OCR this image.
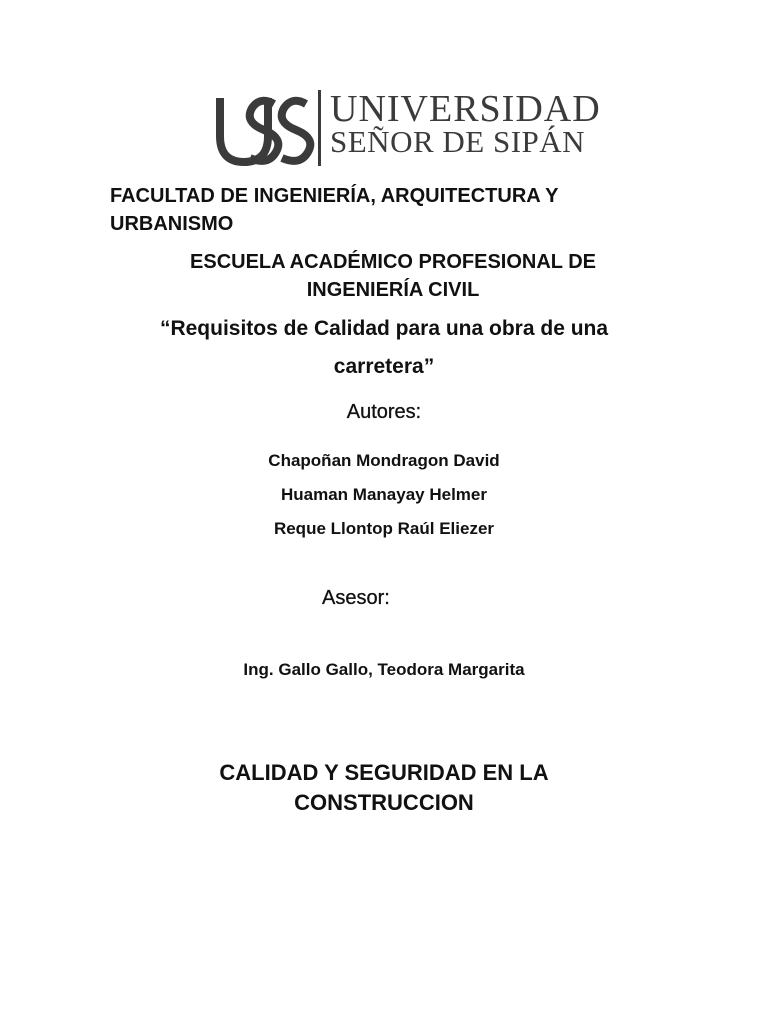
UNIVERSIDAD
SEÑOR DE SIPÁN
FACULTAD DE INGENIERÍA, ARQUITECTURA Y URBANISMO
ESCUELA ACADÉMICO PROFESIONAL DE
INGENIERÍA CIVIL
“Requisitos de Calidad para una obra de una carretera”
Autores:
Chapoñan Mondragon David
Huaman Manayay Helmer
Reque Llontop Raúl Eliezer
Asesor:
Ing. Gallo Gallo, Teodora Margarita
CALIDAD Y SEGURIDAD EN LA
CONSTRUCCION
